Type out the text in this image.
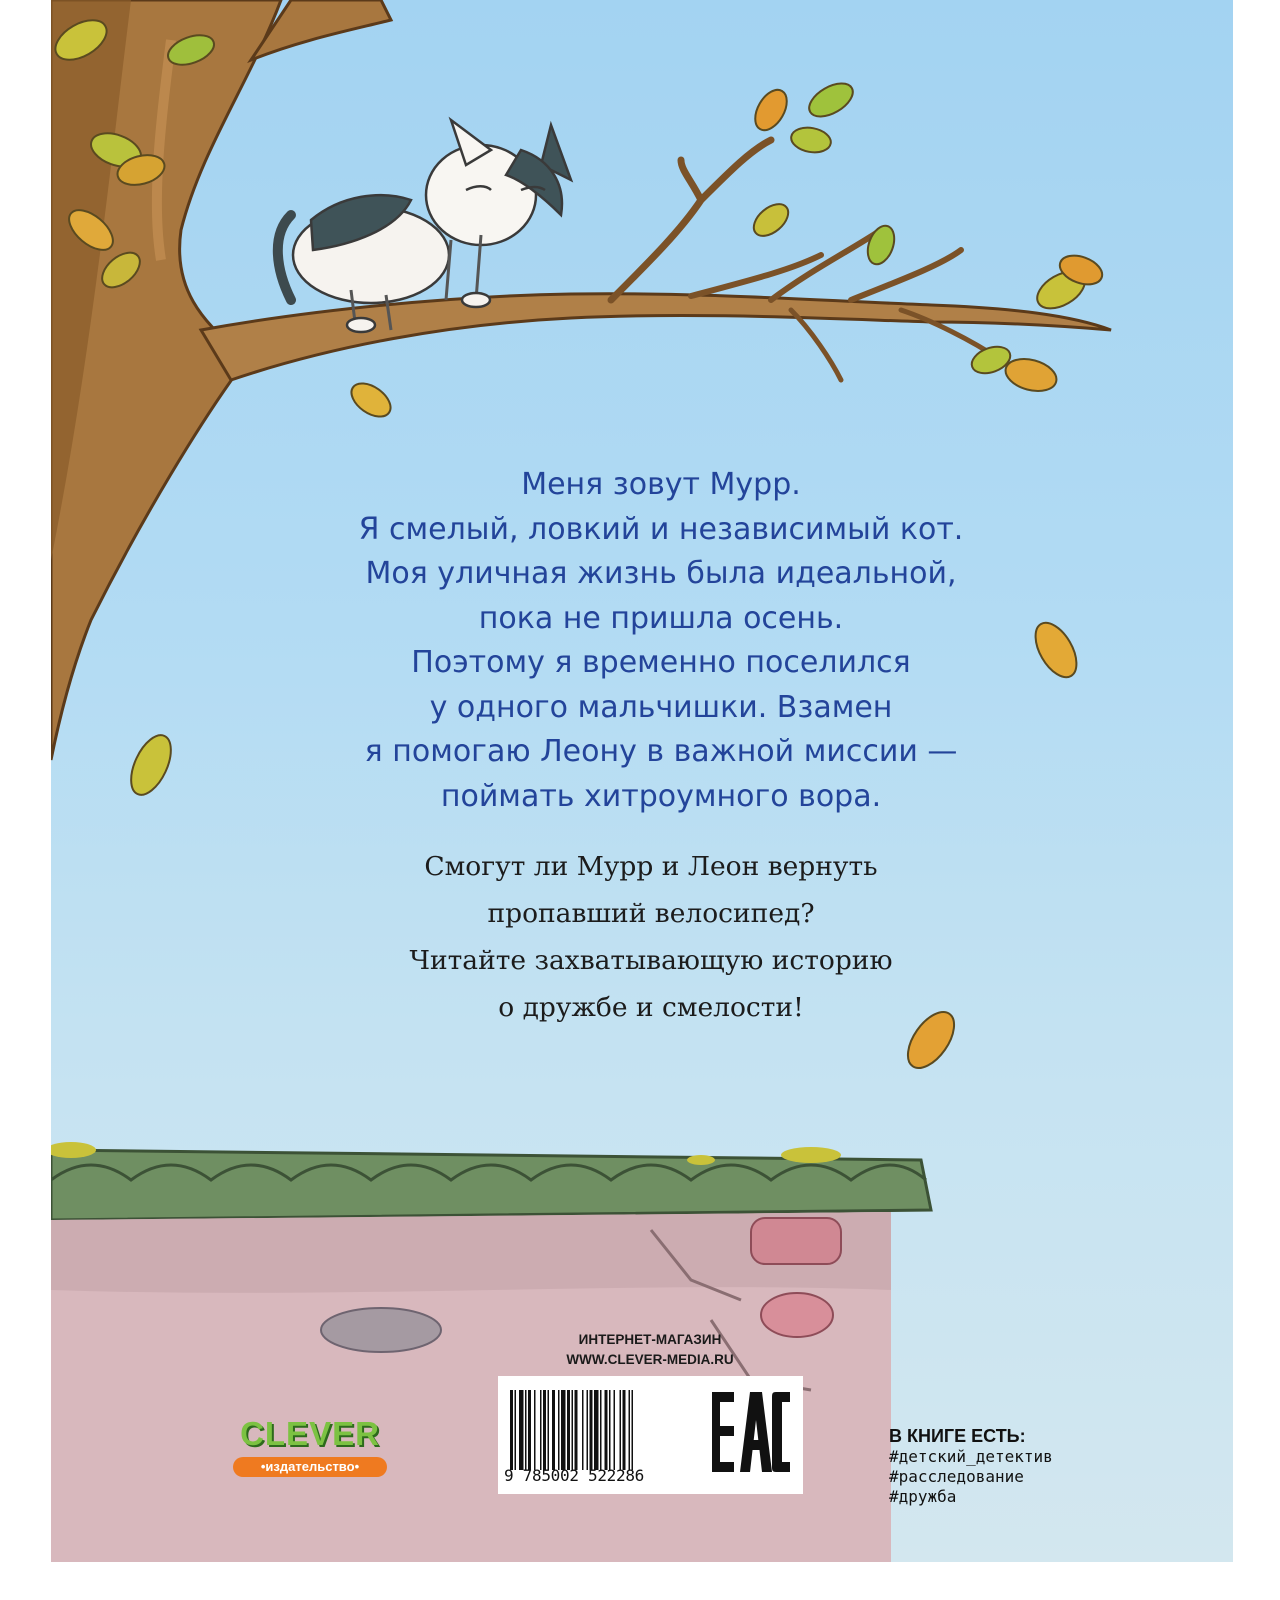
Меня зовут Мурр.
Я смелый, ловкий и независимый кот.
Моя уличная жизнь была идеальной,
пока не пришла осень.
Поэтому я временно поселился
у одного мальчишки. Взамен
я помогаю Леону в важной миссии —
поймать хитроумного вора.

Смогут ли Мурр и Леон вернуть
пропавший велосипед?
Читайте захватывающую историю
о дружбе и смелости!

ИНТЕРНЕТ-МАГАЗИН
WWW.CLEVER-MEDIA.RU
9 785002 522286
CLEVER
•издательство•
В КНИГЕ ЕСТЬ:
#детский_детектив
#расследование
#дружба
